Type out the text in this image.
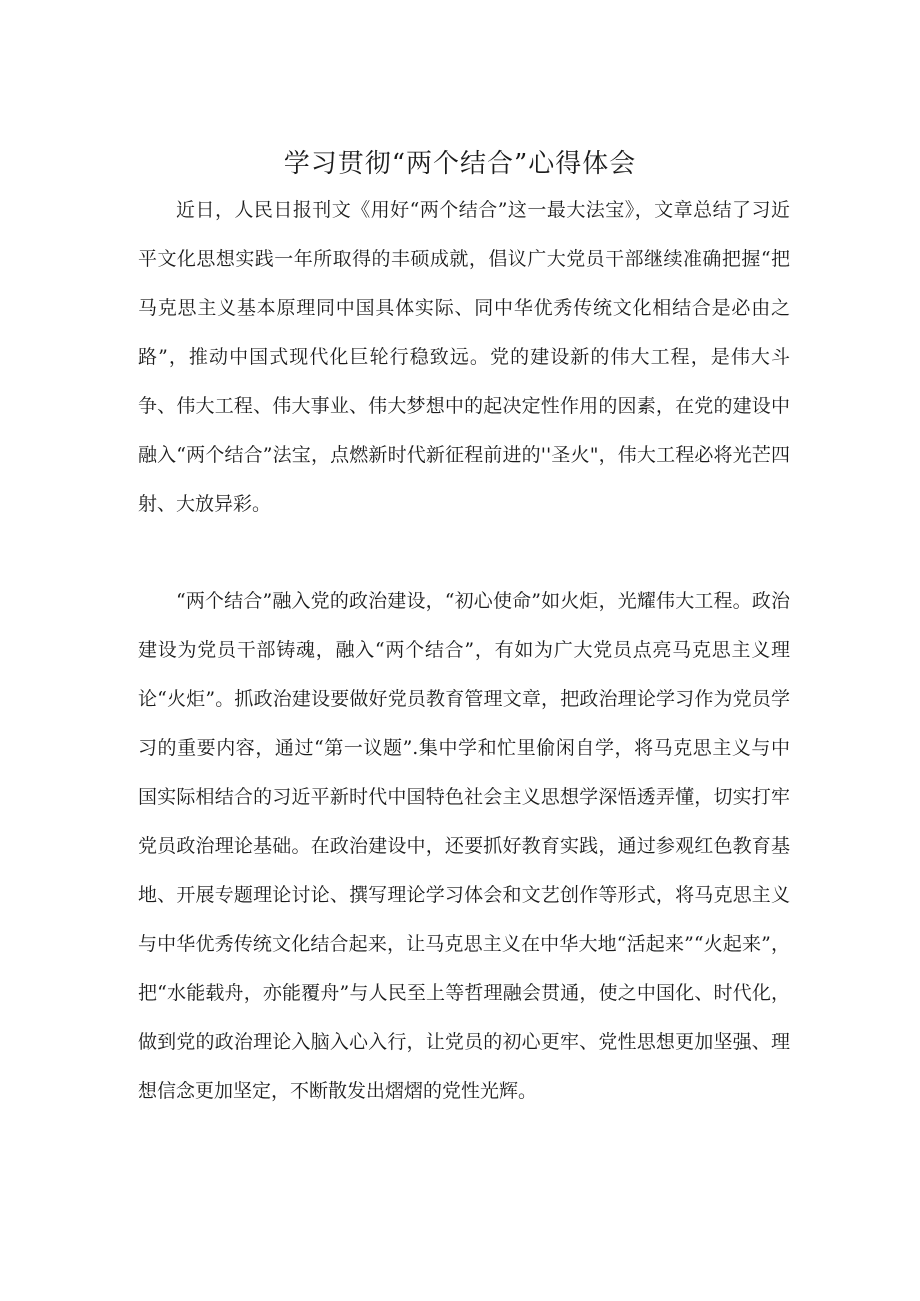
学习贯彻“两个结合”心得体会

近日，人民日报刊文《用好“两个结合”这一最大法宝》，文章总结了习近平文化思想实践一年所取得的丰硕成就，倡议广大党员干部继续准确把握“把马克思主义基本原理同中国具体实际、同中华优秀传统文化相结合是必由之路”，推动中国式现代化巨轮行稳致远。党的建设新的伟大工程，是伟大斗争、伟大工程、伟大事业、伟大梦想中的起决定性作用的因素，在党的建设中融入“两个结合”法宝，点燃新时代新征程前进的''圣火"，伟大工程必将光芒四射、大放异彩。

“两个结合”融入党的政治建设，“初心使命”如火炬，光耀伟大工程。政治建设为党员干部铸魂，融入“两个结合”，有如为广大党员点亮马克思主义理论“火炬”。抓政治建设要做好党员教育管理文章，把政治理论学习作为党员学习的重要内容，通过“第一议题”.集中学和忙里偷闲自学，将马克思主义与中国实际相结合的习近平新时代中国特色社会主义思想学深悟透弄懂，切实打牢党员政治理论基础。在政治建设中，还要抓好教育实践，通过参观红色教育基地、开展专题理论讨论、撰写理论学习体会和文艺创作等形式，将马克思主义与中华优秀传统文化结合起来，让马克思主义在中华大地“活起来”“火起来”，把“水能载舟，亦能覆舟”与人民至上等哲理融会贯通，使之中国化、时代化，做到党的政治理论入脑入心入行，让党员的初心更牢、党性思想更加坚强、理想信念更加坚定，不断散发出熠熠的党性光辉。
